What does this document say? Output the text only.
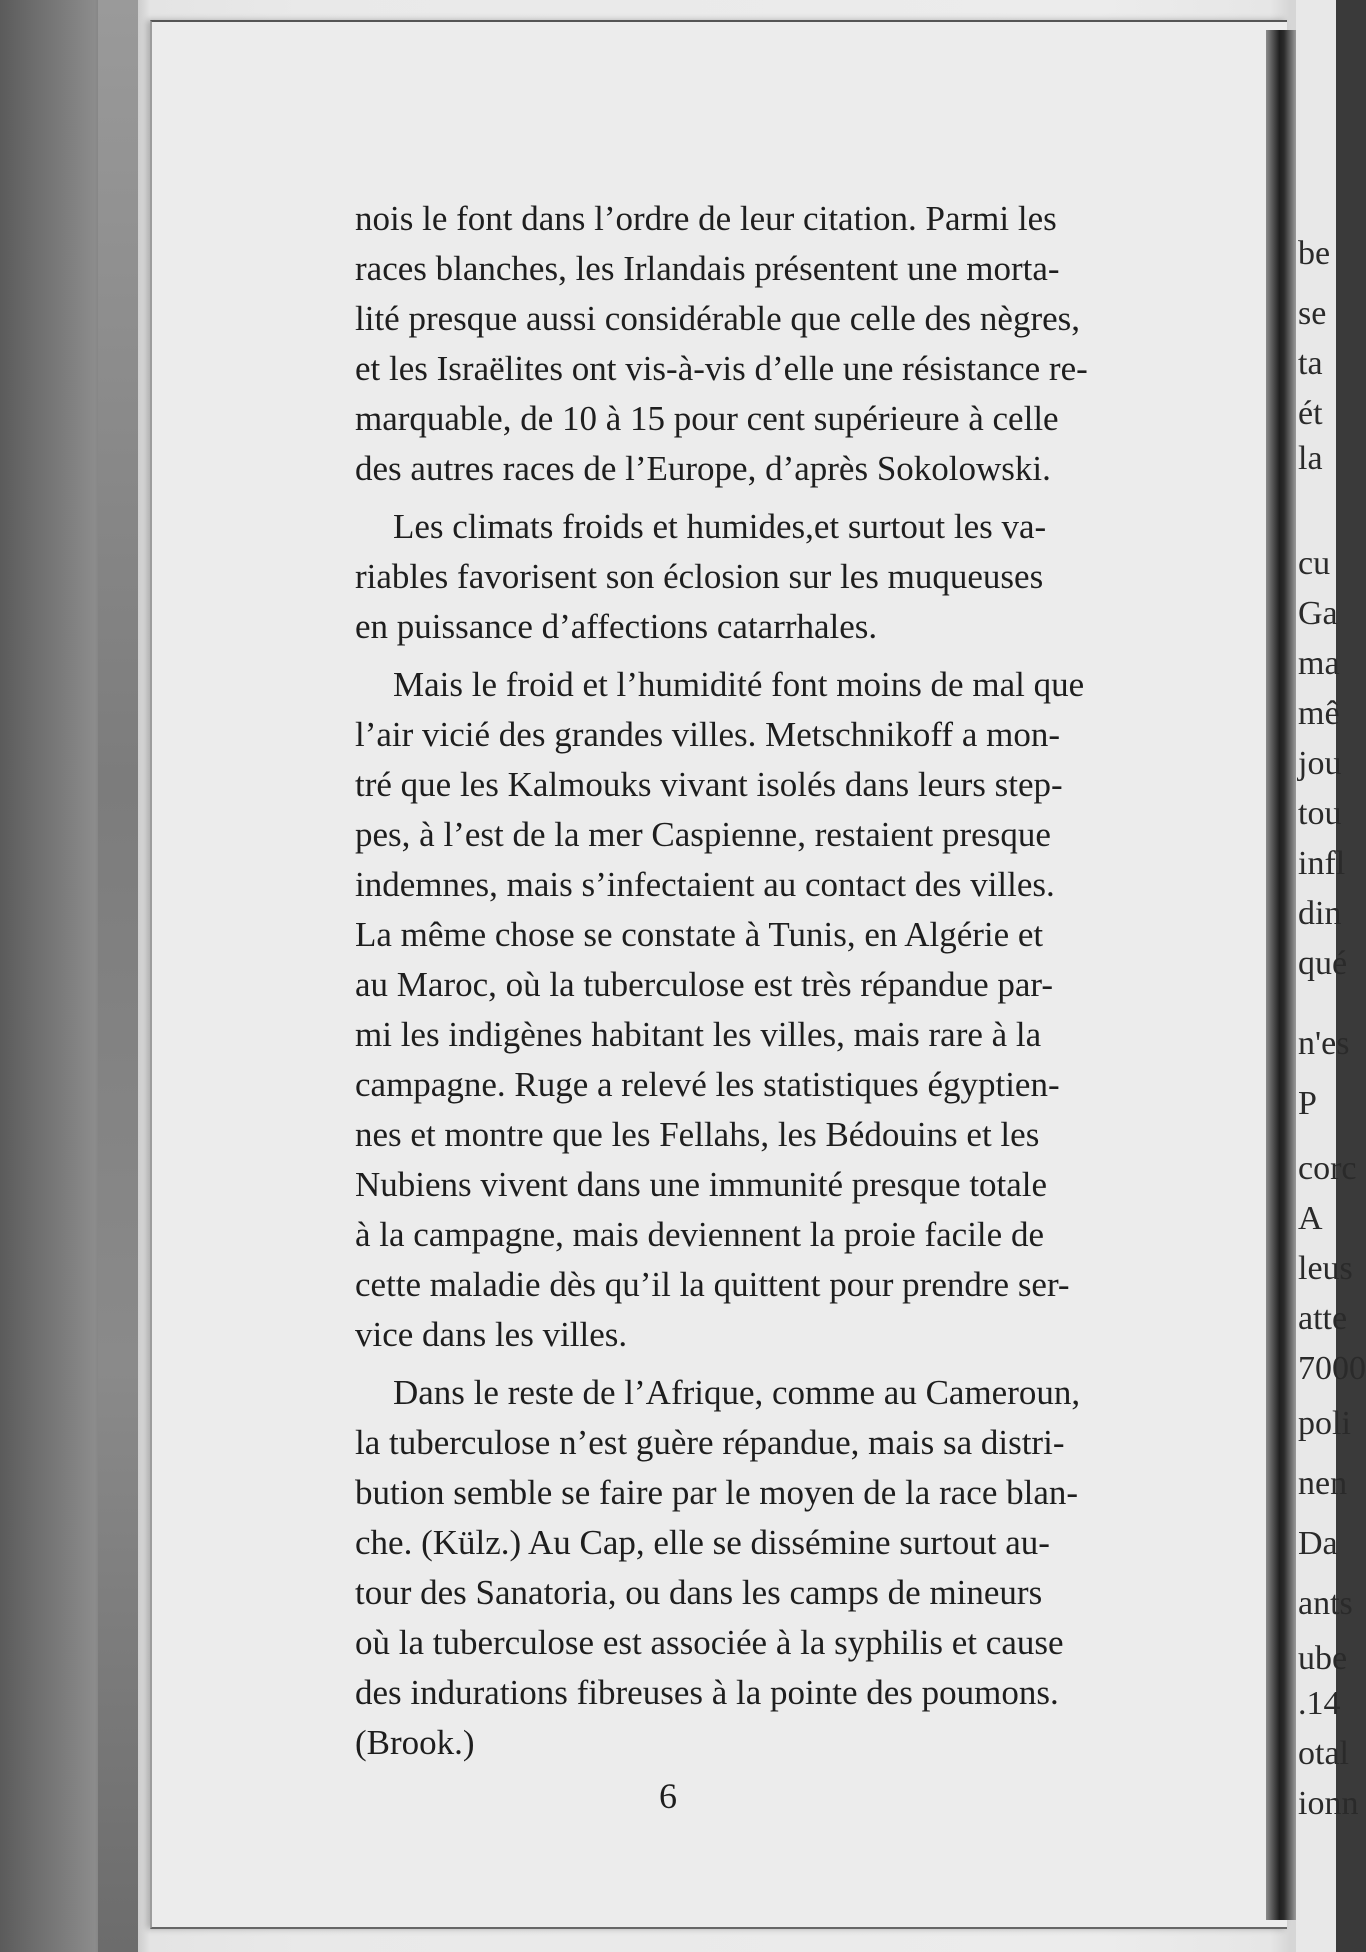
nois le font dans l’ordre de leur citation. Parmi les
races blanches, les Irlandais présentent une morta-
lité presque aussi considérable que celle des nègres,
et les Israëlites ont vis-à-vis d’elle une résistance re-
marquable, de 10 à 15 pour cent supérieure à celle
des autres races de l’Europe, d’après Sokolowski.

Les climats froids et humides,et surtout les va-
riables favorisent son éclosion sur les muqueuses
en puissance d’affections catarrhales.

Mais le froid et l’humidité font moins de mal que
l’air vicié des grandes villes. Metschnikoff a mon-
tré que les Kalmouks vivant isolés dans leurs step-
pes, à l’est de la mer Caspienne, restaient presque
indemnes, mais s’infectaient au contact des villes.
La même chose se constate à Tunis, en Algérie et
au Maroc, où la tuberculose est très répandue par-
mi les indigènes habitant les villes, mais rare à la
campagne. Ruge a relevé les statistiques égyptien-
nes et montre que les Fellahs, les Bédouins et les
Nubiens vivent dans une immunité presque totale
à la campagne, mais deviennent la proie facile de
cette maladie dès qu’il la quittent pour prendre ser-
vice dans les villes.

Dans le reste de l’Afrique, comme au Cameroun,
la tuberculose n’est guère répandue, mais sa distri-
bution semble se faire par le moyen de la race blan-
che. (Külz.) Au Cap, elle se dissémine surtout au-
tour des Sanatoria, ou dans les camps de mineurs
où la tuberculose est associée à la syphilis et cause
des indurations fibreuses à la pointe des poumons.
(Brook.)

6
be
se
ta
ét
la
cu
Ga
ma
mê
jou
tou
infl
din
qué
n'es
P
corc
A
leus
atte
7000
poli
nen
Da
ants
ube
.14
otal
ionn
